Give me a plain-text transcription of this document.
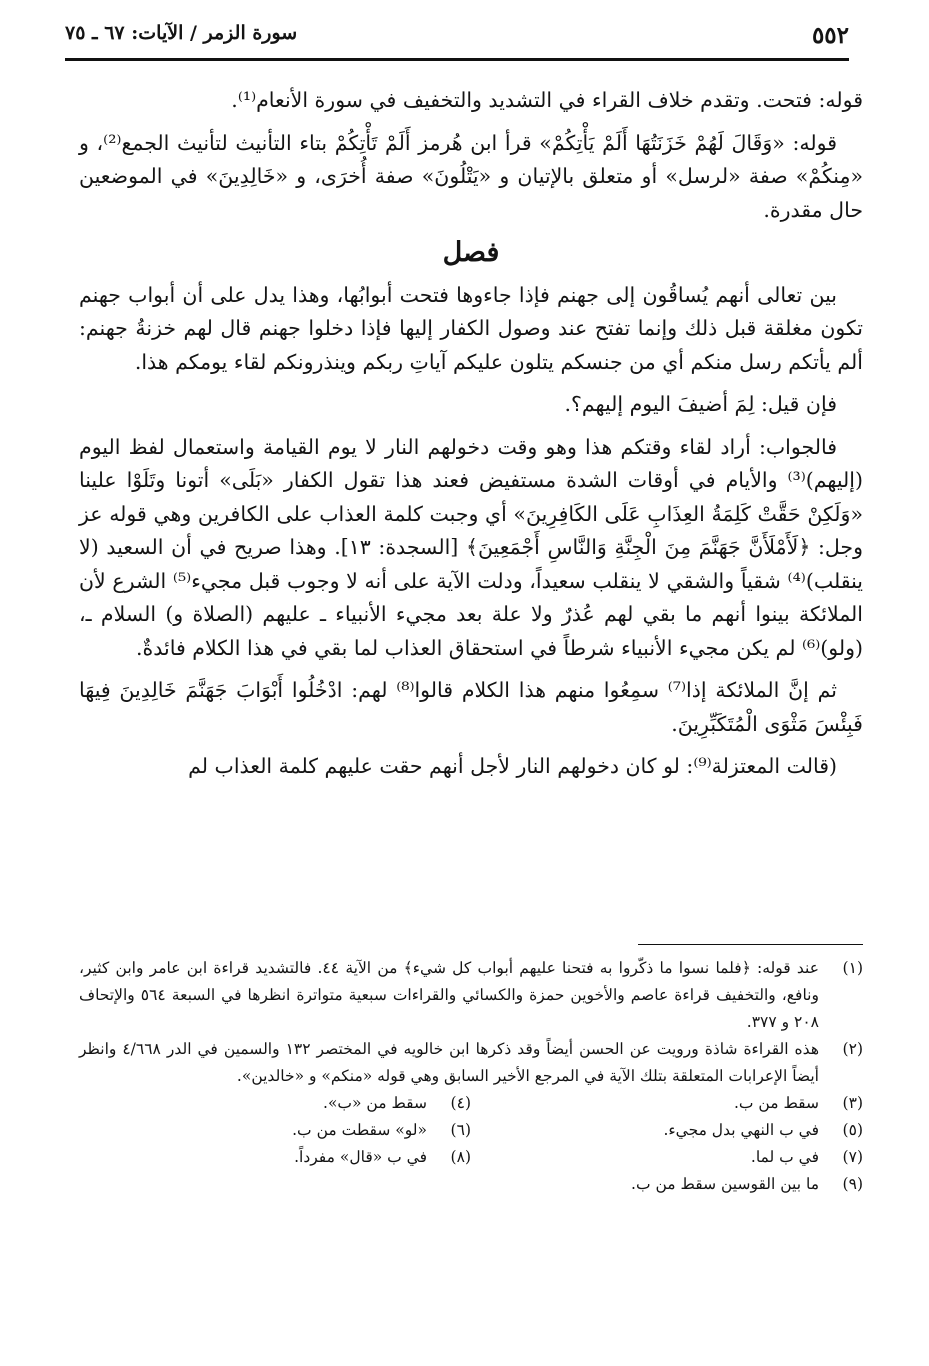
٥٥٢
سورة الزمر / الآيات: ٦٧ ـ ٧٥

قوله: فتحت. وتقدم خلاف القراء في التشديد والتخفيف في سورة الأنعام⁽¹⁾.

قوله: «وَقَالَ لَهُمْ خَزَنَتُهَا أَلَمْ يَأْتِكُمْ» قرأ ابن هُرمز أَلَمْ تَأْتِكُمْ بتاء التأنيث لتأنيث الجمع⁽²⁾، و «مِنكُمْ» صفة «لرسل» أو متعلق بالإتيان و «يَتْلُونَ» صفة أُخرَى، و «خَالِدِينَ» في الموضعين حال مقدرة.

فصل

بين تعالى أنهم يُساقُون إلى جهنم فإذا جاءوها فتحت أبوابُها، وهذا يدل على أن أبواب جهنم تكون مغلقة قبل ذلك وإنما تفتح عند وصول الكفار إليها فإذا دخلوا جهنم قال لهم خزنةُ جهنم: ألم يأتكم رسل منكم أي من جنسكم يتلون عليكم آياتِ ربكم وينذرونكم لقاء يومكم هذا.

فإن قيل: لِمَ أضيفَ اليوم إليهم؟.

فالجواب: أراد لقاء وقتكم هذا وهو وقت دخولهم النار لا يوم القيامة واستعمال لفظ اليوم (إليهم)⁽³⁾ والأيام في أوقات الشدة مستفيض فعند هذا تقول الكفار «بَلَى» أتونا وتَلَوْا علينا «وَلَكِنْ حَقَّتْ كَلِمَةُ العِذَابِ عَلَى الكَافِرِينَ» أي وجبت كلمة العذاب على الكافرين وهي قوله عز وجل: ﴿لَأَمْلَأَنَّ جَهَنَّمَ مِنَ الْجِنَّةِ وَالنَّاسِ أَجْمَعِينَ﴾ [السجدة: ١٣]. وهذا صريح في أن السعيد (لا ينقلب)⁽⁴⁾ شقياً والشقي لا ينقلب سعيداً، ودلت الآية على أنه لا وجوب قبل مجيء⁽⁵⁾ الشرع لأن الملائكة بينوا أنهم ما بقي لهم عُذرٌ ولا علة بعد مجيء الأنبياء ـ عليهم (الصلاة و) السلام ـ، (ولو)⁽⁶⁾ لم يكن مجيء الأنبياء شرطاً في استحقاق العذاب لما بقي في هذا الكلام فائدةٌ.

ثم إنَّ الملائكة إذا⁽⁷⁾ سمِعُوا منهم هذا الكلام قالوا⁽⁸⁾ لهم: ادْخُلُوا أَبْوَابَ جَهَنَّمَ خَالِدِينَ فِيهَا فَبِئْسَ مَثْوَى الْمُتَكَبِّرِينَ.

(قالت المعتزلة⁽⁹⁾: لو كان دخولهم النار لأجل أنهم حقت عليهم كلمة العذاب لم

(١)
عند قوله: ﴿فلما نسوا ما ذكّروا به فتحنا عليهم أبواب كل شيء﴾ من الآية ٤٤. فالتشديد قراءة ابن عامر وابن كثير، ونافع، والتخفيف قراءة عاصم والأخوين حمزة والكسائي والقراءات سبعية متواترة انظرها في السبعة ٥٦٤ والإتحاف ٢٠٨ و ٣٧٧.
(٢)
هذه القراءة شاذة ورويت عن الحسن أيضاً وقد ذكرها ابن خالويه في المختصر ١٣٢ والسمين في الدر ٤/٦٦٨ وانظر أيضاً الإعرابات المتعلقة بتلك الآية في المرجع الأخير السابق وهي قوله «منكم» و «خالدين».
(٣)
سقط من ب.
(٤)
سقط من «ب».
(٥)
في ب النهي بدل مجيء.
(٦)
«لو» سقطت من ب.
(٧)
في ب لما.
(٨)
في ب «قال» مفرداً.
(٩)
ما بين القوسين سقط من ب.
